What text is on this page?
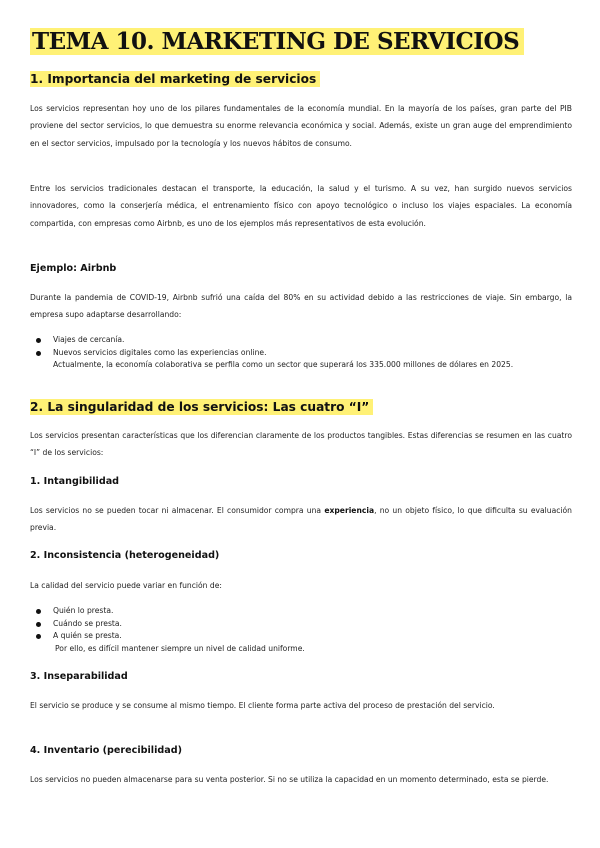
TEMA 10. MARKETING DE SERVICIOS
1. Importancia del marketing de servicios

Los servicios representan hoy uno de los pilares fundamentales de la economía mundial. En la mayoría de los países, gran parte del PIB proviene del sector servicios, lo que demuestra su enorme relevancia económica y social. Además, existe un gran auge del emprendimiento en el sector servicios, impulsado por la tecnología y los nuevos hábitos de consumo.

Entre los servicios tradicionales destacan el transporte, la educación, la salud y el turismo. A su vez, han surgido nuevos servicios innovadores, como la conserjería médica, el entrenamiento físico con apoyo tecnológico o incluso los viajes espaciales. La economía compartida, con empresas como Airbnb, es uno de los ejemplos más representativos de esta evolución.

Ejemplo: Airbnb

Durante la pandemia de COVID-19, Airbnb sufrió una caída del 80% en su actividad debido a las restricciones de viaje. Sin embargo, la empresa supo adaptarse desarrollando:

Viajes de cercanía.
Nuevos servicios digitales como las experiencias online.

Actualmente, la economía colaborativa se perfila como un sector que superará los 335.000 millones de dólares en 2025.

2. La singularidad de los servicios: Las cuatro “I”

Los servicios presentan características que los diferencian claramente de los productos tangibles. Estas diferencias se resumen en las cuatro “I” de los servicios:

1. Intangibilidad

Los servicios no se pueden tocar ni almacenar. El consumidor compra una experiencia, no un objeto físico, lo que dificulta su evaluación previa.

2. Inconsistencia (heterogeneidad)

La calidad del servicio puede variar en función de:

Quién lo presta.
Cuándo se presta.
A quién se presta.

Por ello, es difícil mantener siempre un nivel de calidad uniforme.

3. Inseparabilidad

El servicio se produce y se consume al mismo tiempo. El cliente forma parte activa del proceso de prestación del servicio.

4. Inventario (perecibilidad)

Los servicios no pueden almacenarse para su venta posterior. Si no se utiliza la capacidad en un momento determinado, esta se pierde.
